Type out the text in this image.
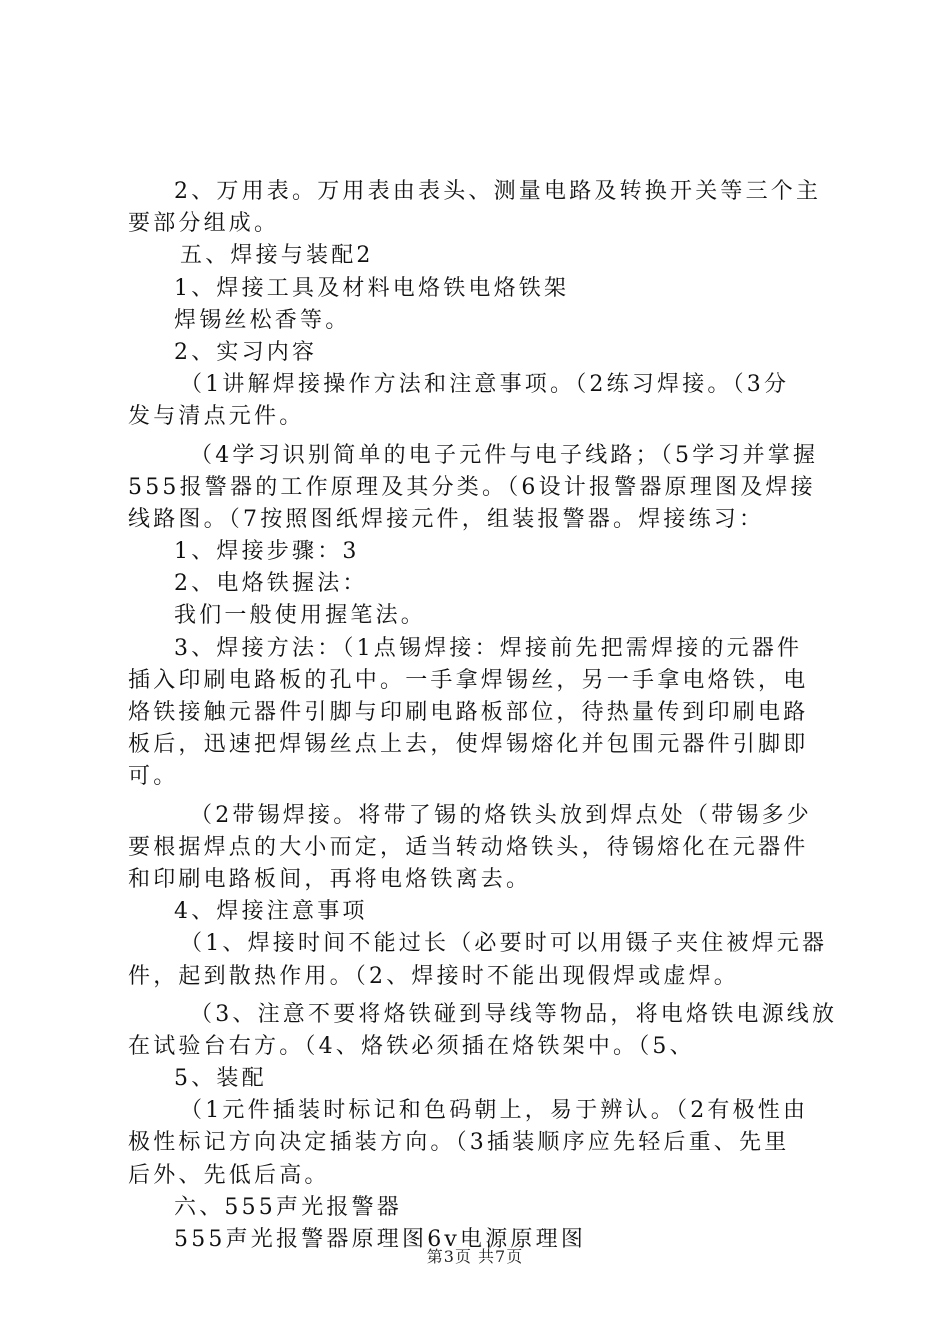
2、万用表。万用表由表头、测量电路及转换开关等三个主
要部分组成。
五、焊接与装配2
1、焊接工具及材料电烙铁电烙铁架
焊锡丝松香等。
2、实习内容
（1讲解焊接操作方法和注意事项。（2练习焊接。（3分
发与清点元件。
（4学习识别简单的电子元件与电子线路；（5学习并掌握
555报警器的工作原理及其分类。（6设计报警器原理图及焊接
线路图。（7按照图纸焊接元件，组装报警器。焊接练习：
1、焊接步骤：3
2、电烙铁握法：
我们一般使用握笔法。
3、焊接方法：（1点锡焊接：焊接前先把需焊接的元器件
插入印刷电路板的孔中。一手拿焊锡丝，另一手拿电烙铁，电
烙铁接触元器件引脚与印刷电路板部位，待热量传到印刷电路
板后，迅速把焊锡丝点上去，使焊锡熔化并包围元器件引脚即
可。
（2带锡焊接。将带了锡的烙铁头放到焊点处（带锡多少
要根据焊点的大小而定，适当转动烙铁头，待锡熔化在元器件
和印刷电路板间，再将电烙铁离去。
4、焊接注意事项
（1、焊接时间不能过长（必要时可以用镊子夹住被焊元器
件，起到散热作用。（2、焊接时不能出现假焊或虚焊。
（3、注意不要将烙铁碰到导线等物品，将电烙铁电源线放
在试验台右方。（4、烙铁必须插在烙铁架中。（5、
5、装配
（1元件插装时标记和色码朝上，易于辨认。（2有极性由
极性标记方向决定插装方向。（3插装顺序应先轻后重、先里
后外、先低后高。
六、555声光报警器
555声光报警器原理图6v电源原理图
第3页 共7页
